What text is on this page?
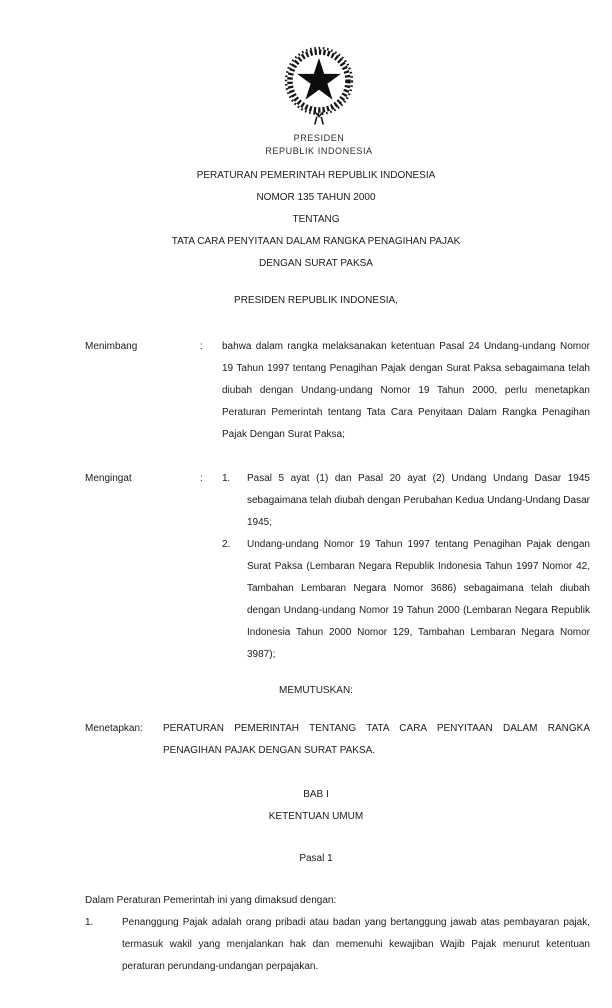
PRESIDEN
REPUBLIK INDONESIA
PERATURAN PEMERINTAH REPUBLIK INDONESIA
NOMOR 135 TAHUN 2000
TENTANG
TATA CARA PENYITAAN DALAM RANGKA PENAGIHAN PAJAK
DENGAN SURAT PAKSA
PRESIDEN REPUBLIK INDONESIA,
Menimbang	:	bahwa dalam rangka melaksanakan ketentuan Pasal 24 Undang-undang Nomor 19 Tahun 1997 tentang Penagihan Pajak dengan Surat Paksa sebagaimana telah diubah dengan Undang-undang Nomor 19 Tahun 2000, perlu menetapkan Peraturan Pemerintah tentang Tata Cara Penyitaan Dalam Rangka Penagihan Pajak Dengan Surat Paksa;
Mengingat	:	1.	Pasal 5 ayat (1) dan Pasal 20 ayat (2) Undang Undang Dasar 1945 sebagaimana telah diubah dengan Perubahan Kedua Undang-Undang Dasar 1945;
2.	Undang-undang Nomor 19 Tahun 1997 tentang Penagihan Pajak dengan Surat Paksa (Lembaran Negara Republik Indonesia Tahun 1997 Nomor 42, Tambahan Lembaran Negara Nomor 3686) sebagaimana telah diubah dengan Undang-undang Nomor 19 Tahun 2000 (Lembaran Negara Republik Indonesia Tahun 2000 Nomor 129, Tambahan Lembaran Negara Nomor 3987);
MEMUTUSKAN:
Menetapkan:	PERATURAN PEMERINTAH TENTANG TATA CARA PENYITAAN DALAM RANGKA PENAGIHAN PAJAK DENGAN SURAT PAKSA.
BAB I
KETENTUAN UMUM
Pasal 1
Dalam Peraturan Pemerintah ini yang dimaksud dengan:
1.	Penanggung Pajak adalah orang pribadi atau badan yang bertanggung jawab atas pembayaran pajak, termasuk wakil yang menjalankan hak dan memenuhi kewajiban Wajib Pajak menurut ketentuan peraturan perundang-undangan perpajakan.
